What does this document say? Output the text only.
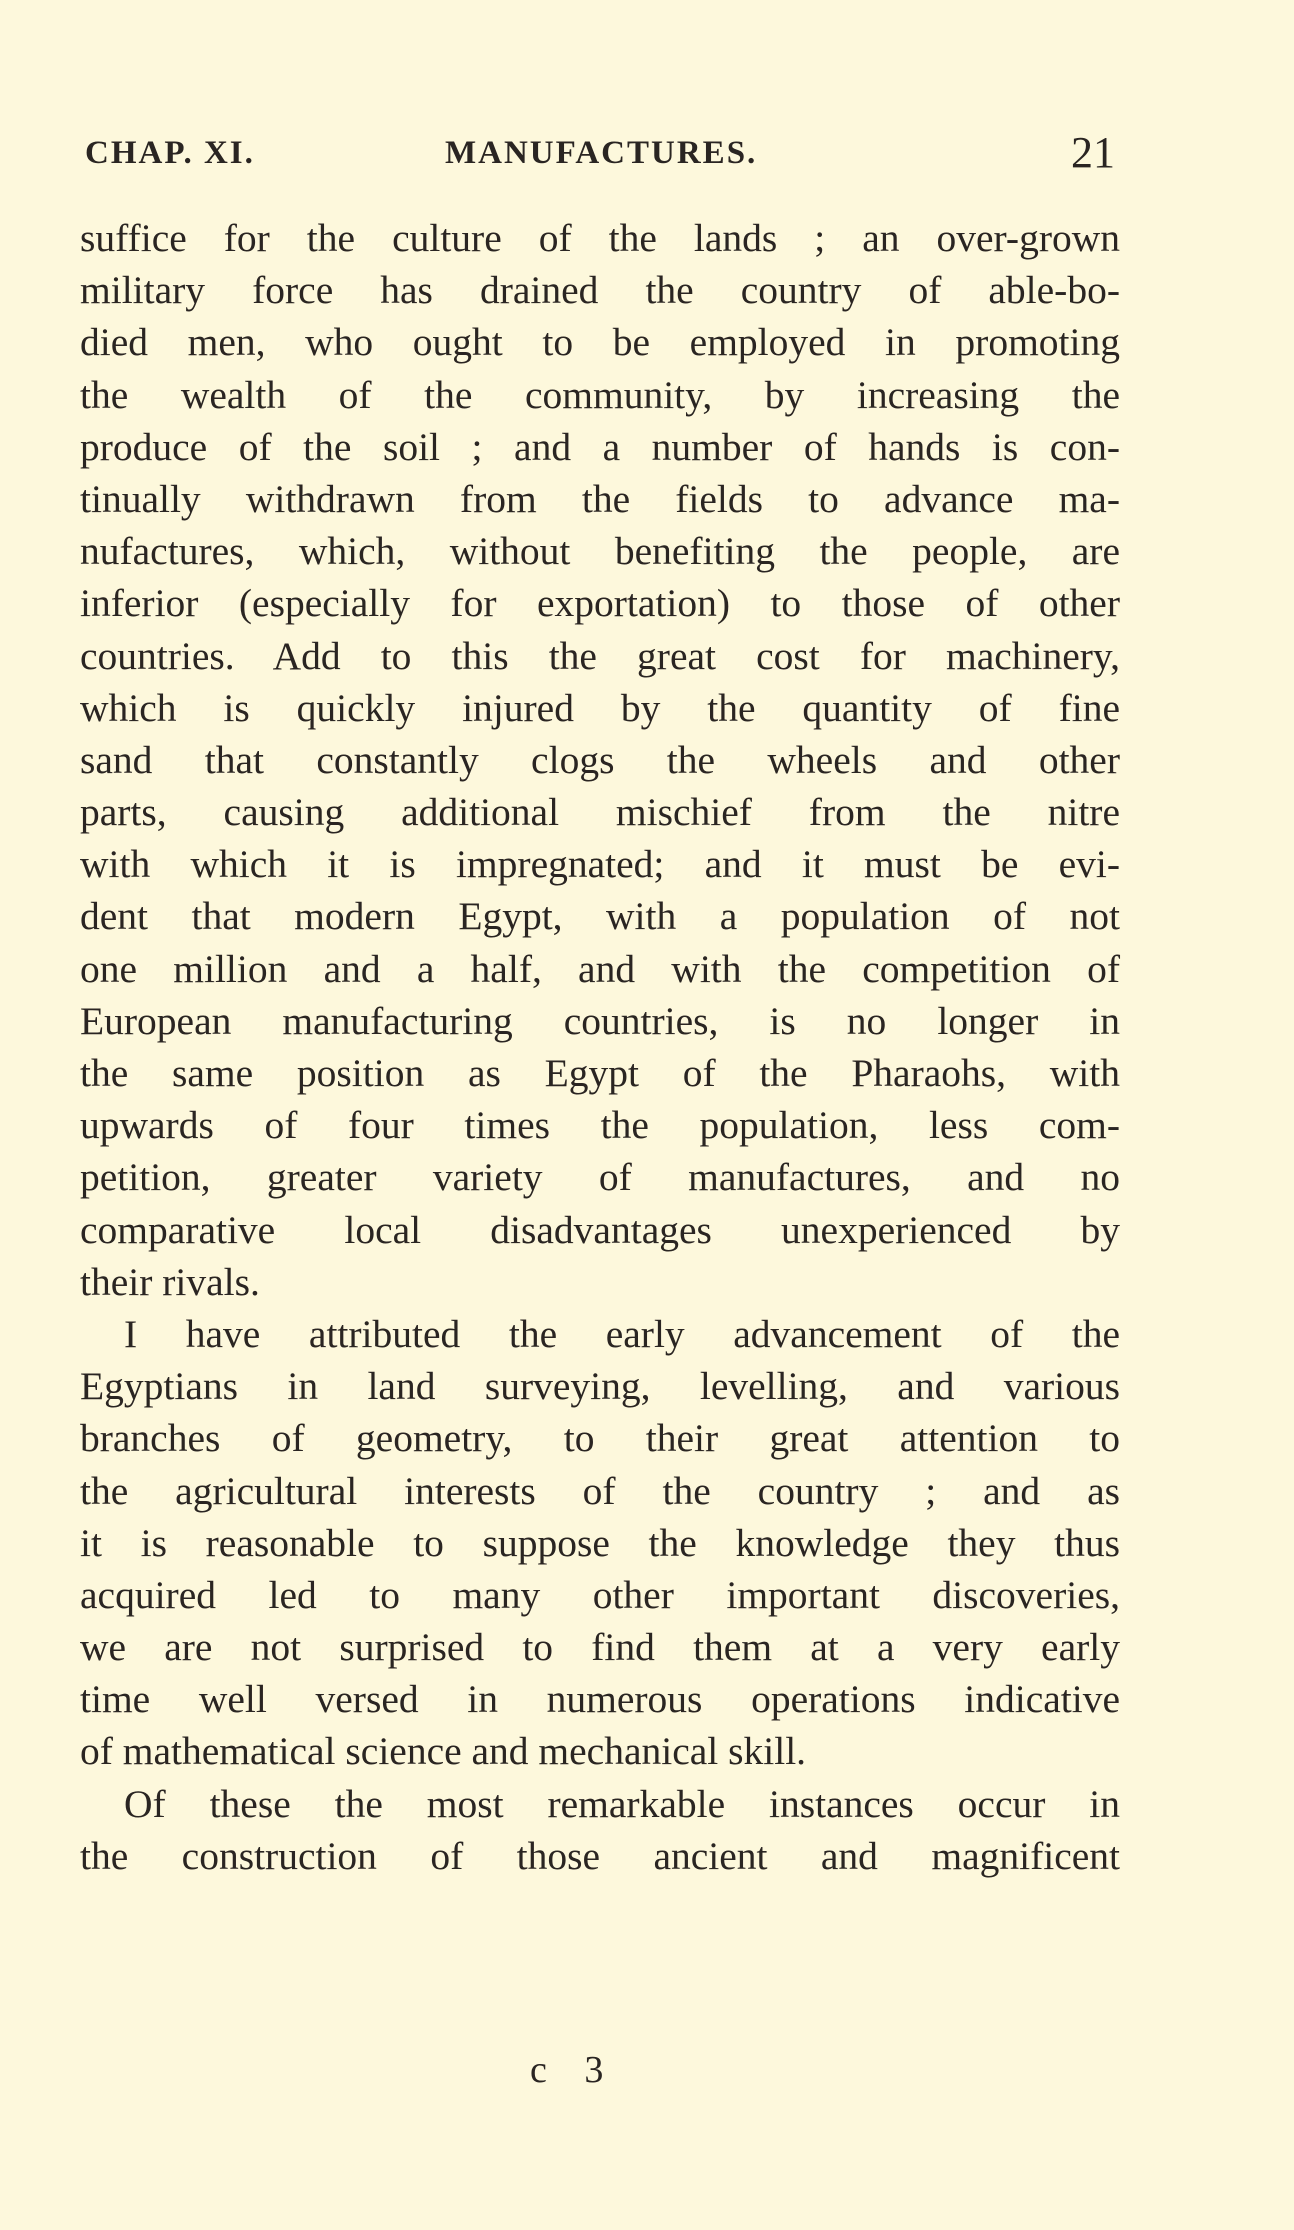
CHAP. XI.	MANUFACTURES.	21
suffice for the culture of the lands ; an over-grown
military force has drained the country of able-bo-
died men, who ought to be employed in promoting
the wealth of the community, by increasing the
produce of the soil ; and a number of hands is con-
tinually withdrawn from the fields to advance ma-
nufactures, which, without benefiting the people, are
inferior (especially for exportation) to those of other
countries. Add to this the great cost for machinery,
which is quickly injured by the quantity of fine
sand that constantly clogs the wheels and other
parts, causing additional mischief from the nitre
with which it is impregnated; and it must be evi-
dent that modern Egypt, with a population of not
one million and a half, and with the competition of
European manufacturing countries, is no longer in
the same position as Egypt of the Pharaohs, with
upwards of four times the population, less com-
petition, greater variety of manufactures, and no
comparative local disadvantages unexperienced by
their rivals.
I have attributed the early advancement of the
Egyptians in land surveying, levelling, and various
branches of geometry, to their great attention to
the agricultural interests of the country ; and as
it is reasonable to suppose the knowledge they thus
acquired led to many other important discoveries,
we are not surprised to find them at a very early
time well versed in numerous operations indicative
of mathematical science and mechanical skill.
Of these the most remarkable instances occur in
the construction of those ancient and magnificent
c 3
